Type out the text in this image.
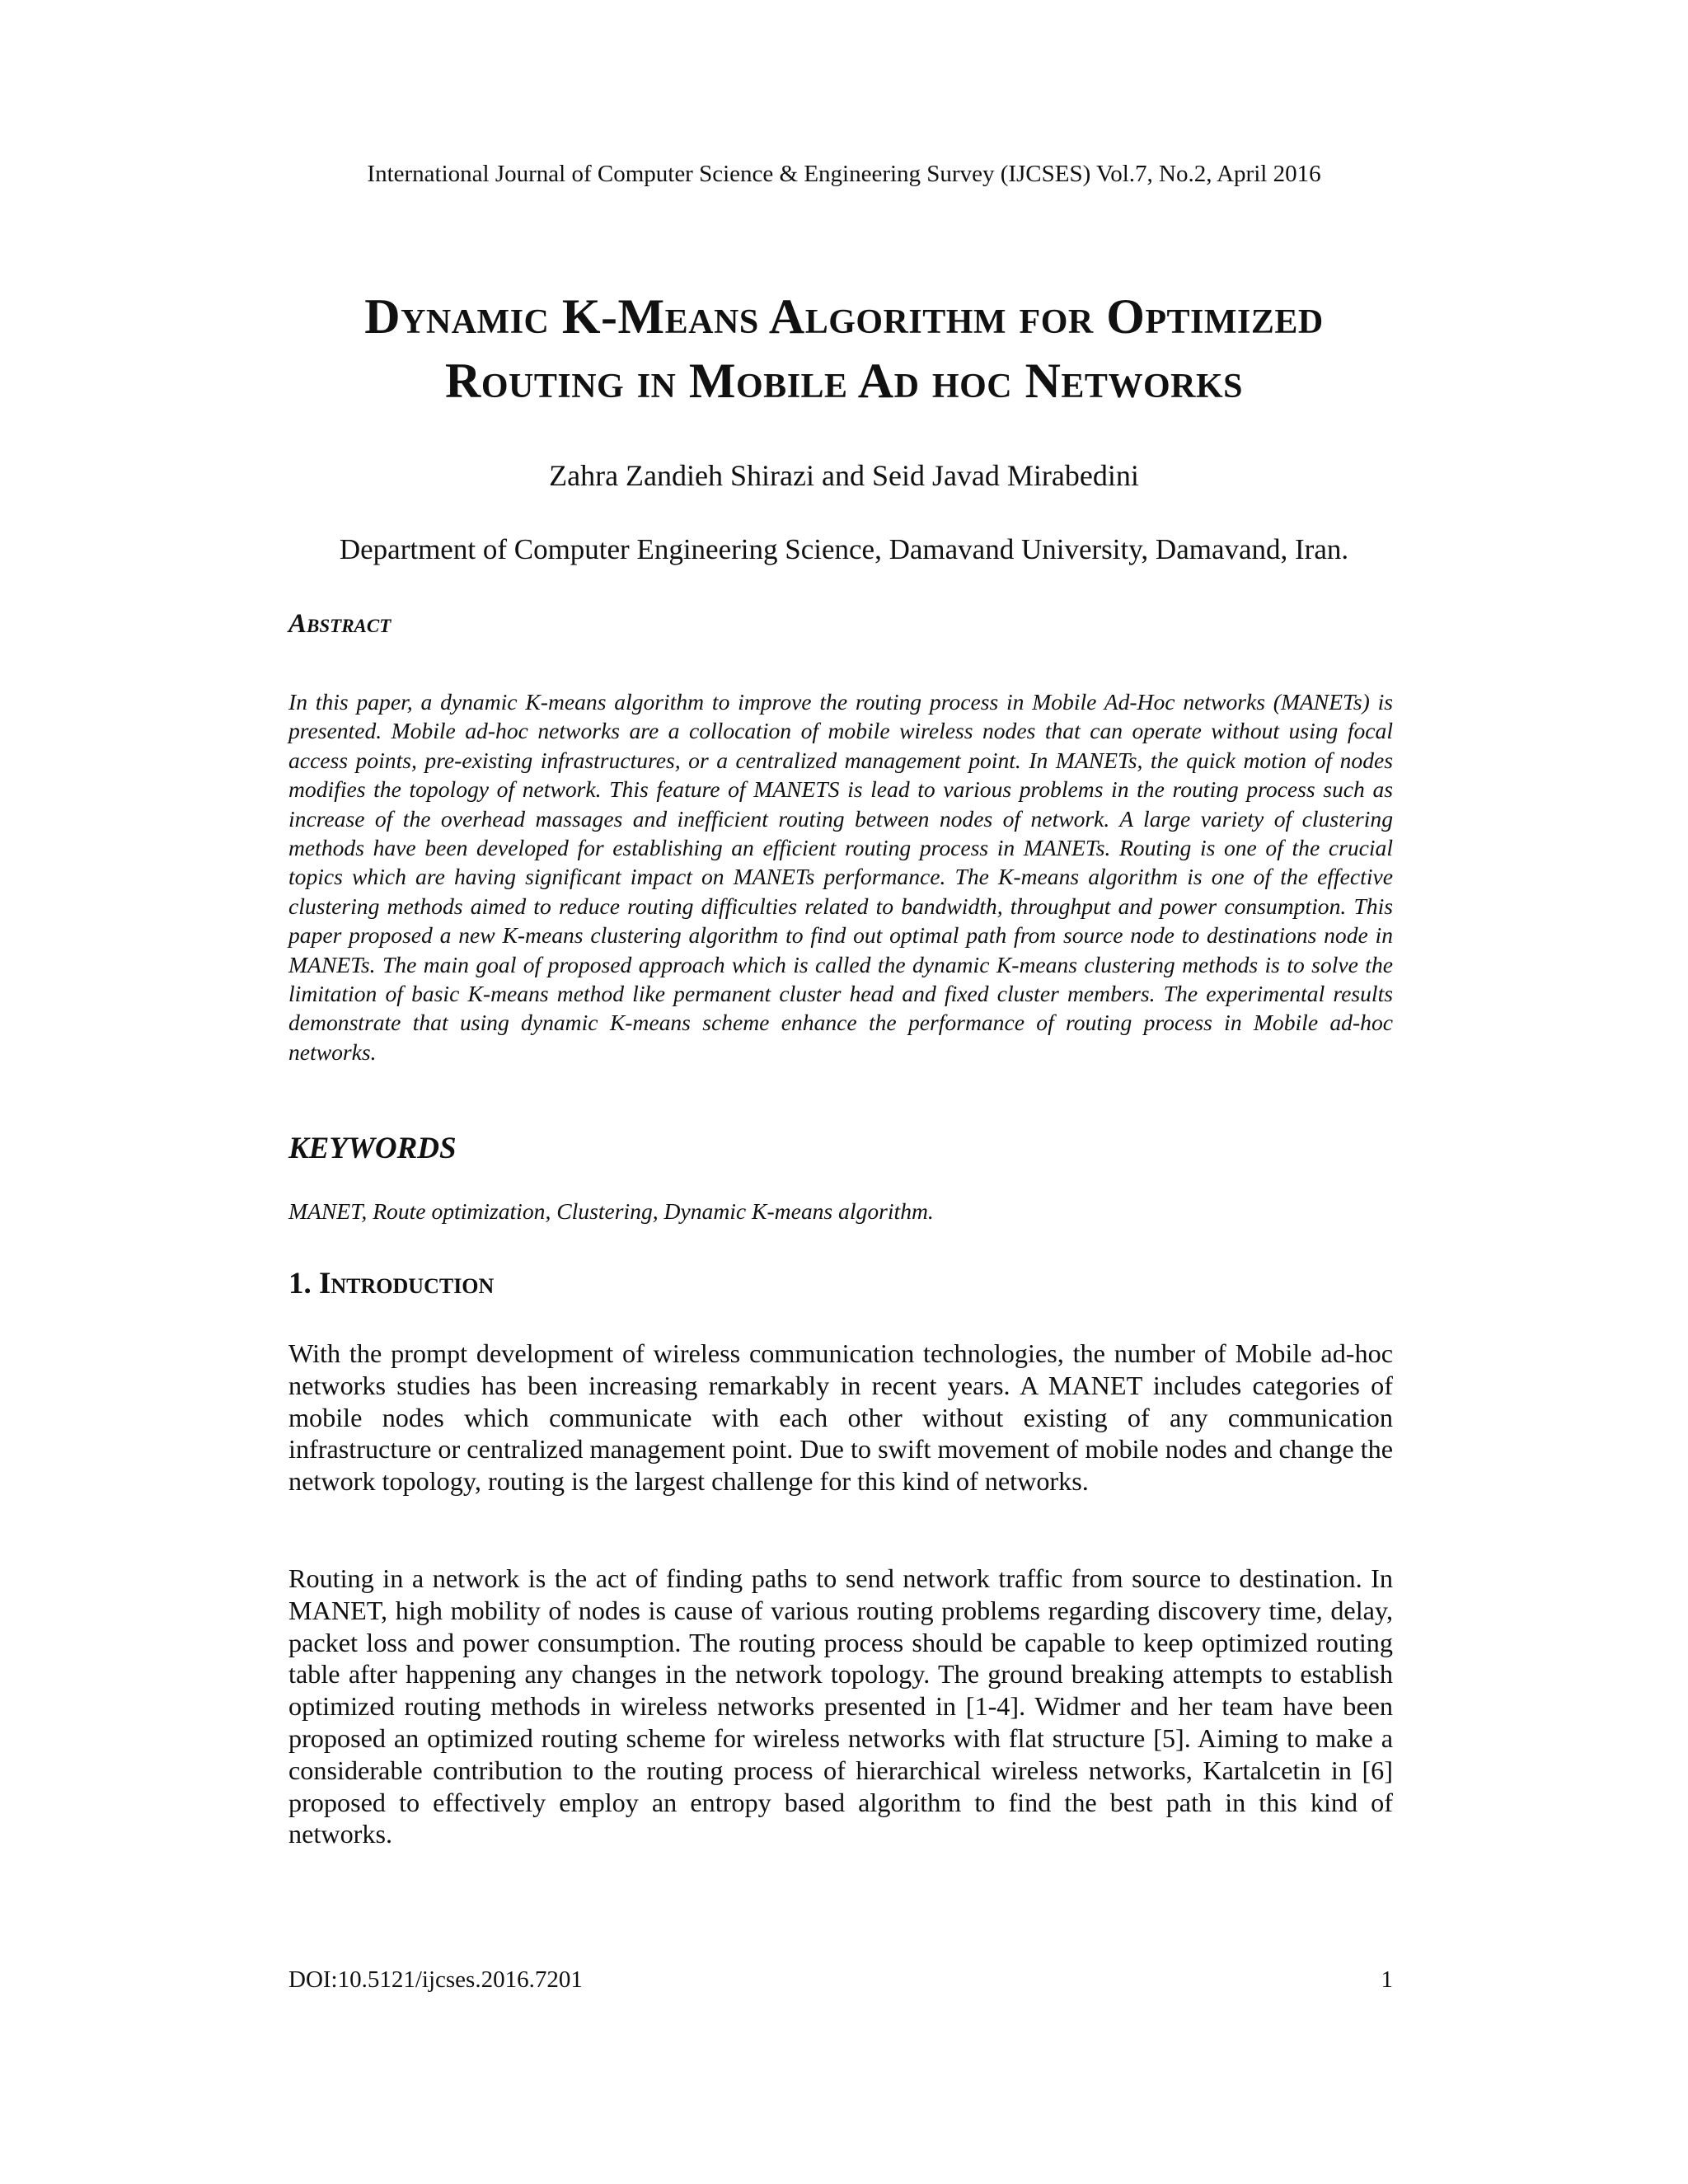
International Journal of Computer Science & Engineering Survey (IJCSES) Vol.7, No.2, April 2016
Dynamic K-Means Algorithm for Optimized
Routing in Mobile Ad hoc Networks
Zahra Zandieh Shirazi and Seid Javad Mirabedini
Department of Computer Engineering Science, Damavand University, Damavand, Iran.
Abstract

In this paper, a dynamic K-means algorithm to improve the routing process in Mobile Ad-Hoc networks (MANETs) is presented. Mobile ad-hoc networks are a collocation of mobile wireless nodes that can operate without using focal access points, pre-existing infrastructures, or a centralized management point. In MANETs, the quick motion of nodes modifies the topology of network. This feature of MANETS is lead to various problems in the routing process such as increase of the overhead massages and inefficient routing between nodes of network. A large variety of clustering methods have been developed for establishing an efficient routing process in MANETs. Routing is one of the crucial topics which are having significant impact on MANETs performance. The K-means algorithm is one of the effective clustering methods aimed to reduce routing difficulties related to bandwidth, throughput and power consumption. This paper proposed a new K-means clustering algorithm to find out optimal path from source node to destinations node in MANETs. The main goal of proposed approach which is called the dynamic K-means clustering methods is to solve the limitation of basic K-means method like permanent cluster head and fixed cluster members. The experimental results demonstrate that using dynamic K-means scheme enhance the performance of routing process in Mobile ad-hoc networks.

KEYWORDS
MANET, Route optimization, Clustering, Dynamic K-means algorithm.
1. Introduction

With the prompt development of wireless communication technologies, the number of Mobile ad-hoc networks studies has been increasing remarkably in recent years. A MANET includes categories of mobile nodes which communicate with each other without existing of any communication infrastructure or centralized management point. Due to swift movement of mobile nodes and change the network topology, routing is the largest challenge for this kind of networks.

Routing in a network is the act of finding paths to send network traffic from source to destination. In MANET, high mobility of nodes is cause of various routing problems regarding discovery time, delay, packet loss and power consumption. The routing process should be capable to keep optimized routing table after happening any changes in the network topology. The ground breaking attempts to establish optimized routing methods in wireless networks presented in [1-4]. Widmer and her team have been proposed an optimized routing scheme for wireless networks with flat structure [5]. Aiming to make a considerable contribution to the routing process of hierarchical wireless networks, Kartalcetin in [6] proposed to effectively employ an entropy based algorithm to find the best path in this kind of networks.

DOI:10.5121/ijcses.2016.7201	1
